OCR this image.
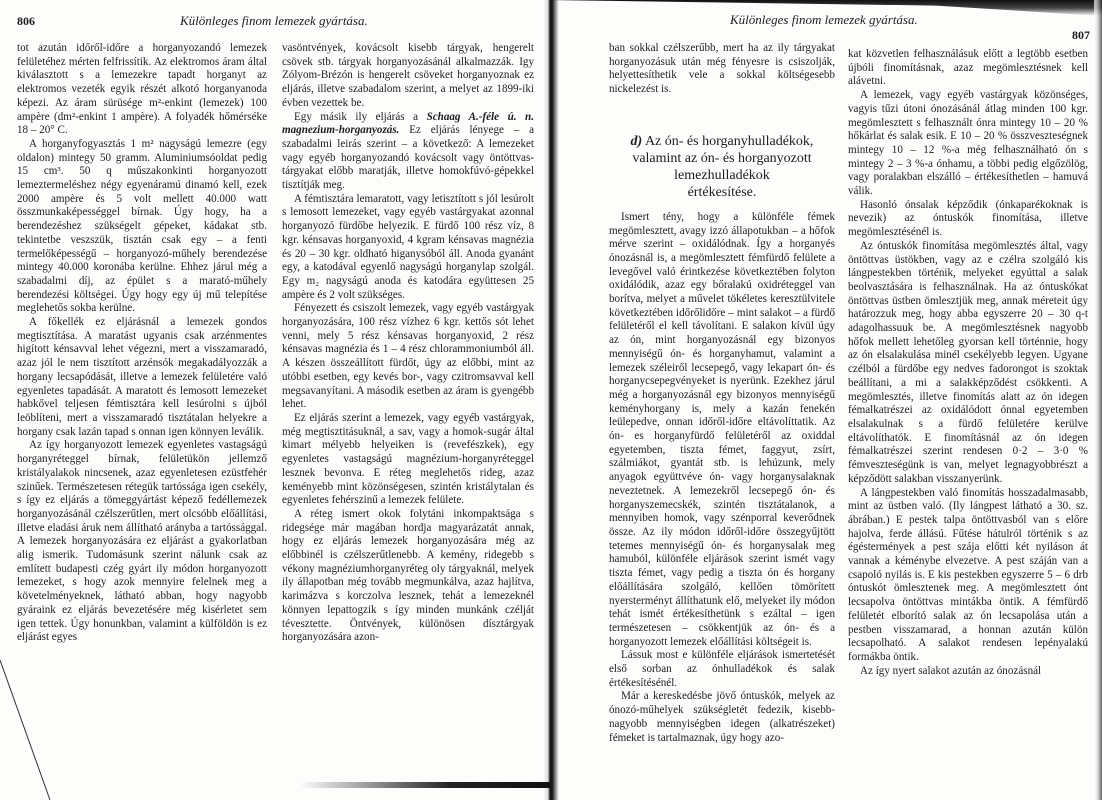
806	Különleges finom lemezek gyártása.

tot azután időről-időre a horganyozandó lemezek felületéhez mérten felfrissítik. Az elektromos áram által kiválasztott s a lemezekre tapadt horganyt az elektromos vezeték egyik részét alkotó horganyanoda képezi. Az áram sürüsége m²-enkint (lemezek) 100 ampère (dm²-enkint 1 ampère). A folyadék hőmérséke 18 – 20° C.

A horganyfogyasztás 1 m² nagyságú lemezre (egy oldalon) mintegy 50 gramm. Aluminiumsóoldat pedig 15 cm³. 50 q műszakonkinti horganyozott lemeztermeléshez négy egyenáramú dinamó kell, ezek 2000 ampère és 5 volt mellett 40.000 watt összmunkaképességgel bírnak. Úgy hogy, ha a berendezéshez szükségelt gépeket, kádakat stb. tekintetbe veszszük, tisztán csak egy – a fenti termelőképességű – horganyozó-műhely berendezése mintegy 40.000 koronába kerülne. Ehhez járul még a szabadalmi díj, az épület s a marató-műhely berendezési költségei. Úgy hogy egy új mű telepítése meglehetős sokba kerülne.

A főkellék ez eljárásnál a lemezek gondos megtisztítása. A maratást ugyanis csak arzénmentes higított kénsavval lehet végezni, mert a visszamaradó, azaz jól le nem tisztított arzénsók megakadályozzák a horgany lecsapódását, illetve a lemezek felületére való egyenletes tapadását. A maratott és lemosott lemezeket habkővel teljesen fémtisztára kell lesúrolni s újból leöblíteni, mert a visszamaradó tisztátalan helyekre a horgany csak lazán tapad s onnan igen könnyen leválik.

Az így horganyozott lemezek egyenletes vastagságú horganyréteggel bírnak, felületükön jellemző kristályalakok nincsenek, azaz egyenletesen ezüstfehér szinűek. Természetesen rétegük tartóssága igen csekély, s így ez eljárás a tömeggyártást képező fedéllemezek horganyozásánál czélszerűtlen, mert olcsóbb előállítási, illetve eladási áruk nem állítható arányba a tartóssággal. A lemezek horganyozására ez eljárást a gyakorlatban alig ismerik. Tudomásunk szerint nálunk csak az említett budapesti czég gyárt ily módon horganyozott lemezeket, s hogy azok mennyire felelnek meg a követelményeknek, látható abban, hogy nagyobb gyáraink ez eljárás bevezetésére még kisérletet sem igen tettek. Úgy honunkban, valamint a külföldön is ez eljárást egyes

vasöntvények, kovácsolt kisebb tárgyak, hengerelt csövek stb. tárgyak horganyozásánál alkalmazzák. Igy Zólyom-Brézón is hengerelt csöveket horganyoznak ez eljárás, illetve szabadalom szerint, a melyet az 1899-iki évben vezettek be.

Egy másik ily eljárás a Schaag A.-féle ú. n. magnezium-horganyozás. Ez eljárás lényege – a szabadalmi leirás szerint – a következő: A lemezeket vagy egyéb horganyozandó kovácsolt vagy öntöttvas-tárgyakat előbb maratják, illetve homokfúvó-gépekkel tisztítják meg.

A fémtisztára lemaratott, vagy letisztított s jól lesúrolt s lemosott lemezeket, vagy egyéb vastárgyakat azonnal horganyozó fürdőbe helyezik. E fürdő 100 rész víz, 8 kgr. kénsavas horganyoxid, 4 kgram kénsavas magnézia és 20 – 30 kgr. oldható higanysóból áll. Anoda gyanánt egy, a katodával egyenlő nagyságú horganylap szolgál. Egy m₂ nagyságú anoda és katodára együttesen 25 ampère és 2 volt szükséges.

Fényezett és csiszolt lemezek, vagy egyéb vastárgyak horganyozására, 100 rész vízhez 6 kgr. kettős sót lehet venni, mely 5 rész kénsavas horganyoxid, 2 rész kénsavas magnézia és 1 – 4 rész chlorammoniumból áll. A készen összeállított fürdőt, úgy az előbbi, mint az utóbbi esetben, egy kevés bor-, vagy czitromsavval kell megsavanyítani. A második esetben az áram is gyengébb lehet.

Ez eljárás szerint a lemezek, vagy egyéb vastárgyak, még megtisztitásuknál, a sav, vagy a homok-sugár által kimart mélyebb helyeiken is (revefészkek), egy egyenletes vastagságú magnézium-horganyréteggel lesznek bevonva. E réteg meglehetős rideg, azaz keményebb mint közönségesen, szintén kristálytalan és egyenletes fehérszinű a lemezek felülete.

A réteg ismert okok folytáni inkompaktsága s ridegsége már magában hordja magyarázatát annak, hogy ez eljárás lemezek horganyozására még az előbbinél is czélszerűtlenebb. A kemény, ridegebb s vékony magnéziumhorganyréteg oly tárgyaknál, melyek ily állapotban még tovább megmunkálva, azaz hajlítva, karimázva s korczolva lesznek, tehát a lemezeknél könnyen lepattogzik s így minden munkánk czélját tévesztette. Öntvények, különösen dísztárgyak horganyozására azon-

Különleges finom lemezek gyártása.
807

ban sokkal czélszerűbb, mert ha az ily tárgyakat horganyozásuk után még fényesre is csiszolják, helyettesíthetik vele a sokkal költségesebb nickelezést is.

d) Az ón- és horganyhulladékok, valamint az ón- és horganyozott lemezhulladékok
értékesítése.

Ismert tény, hogy a különféle fémek megömlesztett, avagy izzó állapotukban – a hőfok mérve szerint – oxidálódnak. Így a horganyés ónozásnál is, a megömlesztett fémfürdő felülete a levegővel való érintkezése következtében folyton oxidálódik, azaz egy bőralakú oxidréteggel van borítva, melyet a művelet tökéletes keresztülvitele következtében időrőlidőre – mint salakot – a fürdő felületéről el kell távolítani. E salakon kívül úgy az ón, mint horganyozásnál egy bizonyos mennyiségű ón- és horganyhamut, valamint a lemezek széleiről lecsepegő, vagy lekapart ón- és horganycsepegvényeket is nyerünk. Ezekhez járul még a horganyozásnál egy bizonyos mennyiségű keményhorgany is, mely a kazán fenekén leülepedve, onnan időről-időre eltávolíttatik. Az ón- es horganyfürdő felületéről az oxiddal egyetemben, tiszta fémet, faggyut, zsírt, szálmiákot, gyantát stb. is lehúzunk, mely anyagok együttvéve ón- vagy horganysalaknak neveztetnek. A lemezekről lecsepegő ón- és horganyszemecskék, szintén tisztátalanok, a mennyiben homok, vagy szénporral keverődnek össze. Az ily módon időről-időre összegyűjtött tetemes mennyiségű ón- és horganysalak meg hamuból, különféle eljárások szerint ismét vagy tiszta fémet, vagy pedig a tiszta ón és horgany előállítására szolgáló, kellően tömörített nyersterményt állíthatunk elő, melyeket ily módon tehát ismét értékesíthetünk s ezáltal – igen természetesen – csökkentjük az ón- és a horganyozott lemezek előállítási költségeit is.

Lássuk most e különféle eljárások ismertetését első sorban az ónhulladékok és salak értékesítésénél.

Már a kereskedésbe jövő óntuskók, melyek az ónozó-műhelyek szükségletét fedezik, kisebb-nagyobb mennyiségben idegen (alkatrészeket) fémeket is tartalmaznak, úgy hogy azo-

kat közvetlen felhasználásuk előtt a legtöbb esetben újbóli finomításnak, azaz megömlesztésnek kell alávetni.

A lemezek, vagy egyéb vastárgyak közönséges, vagyis tűzi útoni ónozásánál átlag minden 100 kgr. megömlesztett s felhasznált ónra mintegy 10 – 20 % hőkárlat és salak esik. E 10 – 20 % összveszteségnek mintegy 10 – 12 %-a még felhasználható ón s mintegy 2 – 3 %-a ónhamu, a többi pedig elgőzölög, vagy poralakban elszálló – értékesíthetlen – hamuvá válik.

Hasonló ónsalak képződik (ónkaparékoknak is nevezik) az óntuskók finomítása, illetve megömlesztésénél is.

Az óntuskók finomítása megömlesztés által, vagy öntöttvas üstökben, vagy az e czélra szolgáló kis lángpestekben történik, melyeket egyúttal a salak beolvasztására is felhasználnak. Ha az óntuskókat öntöttvas üstben ömlesztjük meg, annak méreteit úgy határozzuk meg, hogy abba egyszerre 20 – 30 q-t adagolhassuuk be. A megömlesztésnek nagyobb hőfok mellett lehetőleg gyorsan kell történnie, hogy az ón elsalakulása minél csekélyebb legyen. Ugyane czélból a fürdőbe egy nedves fadorongot is szoktak beállítani, a mi a salakképződést csökkenti. A megömlesztés, illetve finomítás alatt az ón idegen fémalkatrészei az oxidálódott ónnal egyetemben elsalakulnak s a fürdő felületére kerülve eltávolíthatók. E finomításnál az ón idegen fémalkatrészei szerint rendesen 0·2 – 3·0 % fémveszteségünk is van, melyet legnagyobbrészt a képződött salakban visszanyerünk.

A lángpestekben való finomítás hosszadalmasabb, mint az üstben való. (Ily lángpest látható a 30. sz. ábrában.) E pestek talpa öntöttvasból van s előre hajolva, ferde állású. Fűtése hátulról történik s az égéstermények a pest szája előtti két nyiláson át vannak a kéménybe elvezetve. A pest száján van a csapoló nyilás is. E kis pestekben egyszerre 5 – 6 drb óntuskót ömlesztenek meg. A megömlesztett ónt lecsapolva öntöttvas mintákba öntik. A fémfürdő felületét elborító salak az ón lecsapolása után a pestben visszamarad, a honnan azután külön lecsapolható. A salakot rendesen lepényalakú formákba öntik.

Az így nyert salakot azután az ónozásnál
